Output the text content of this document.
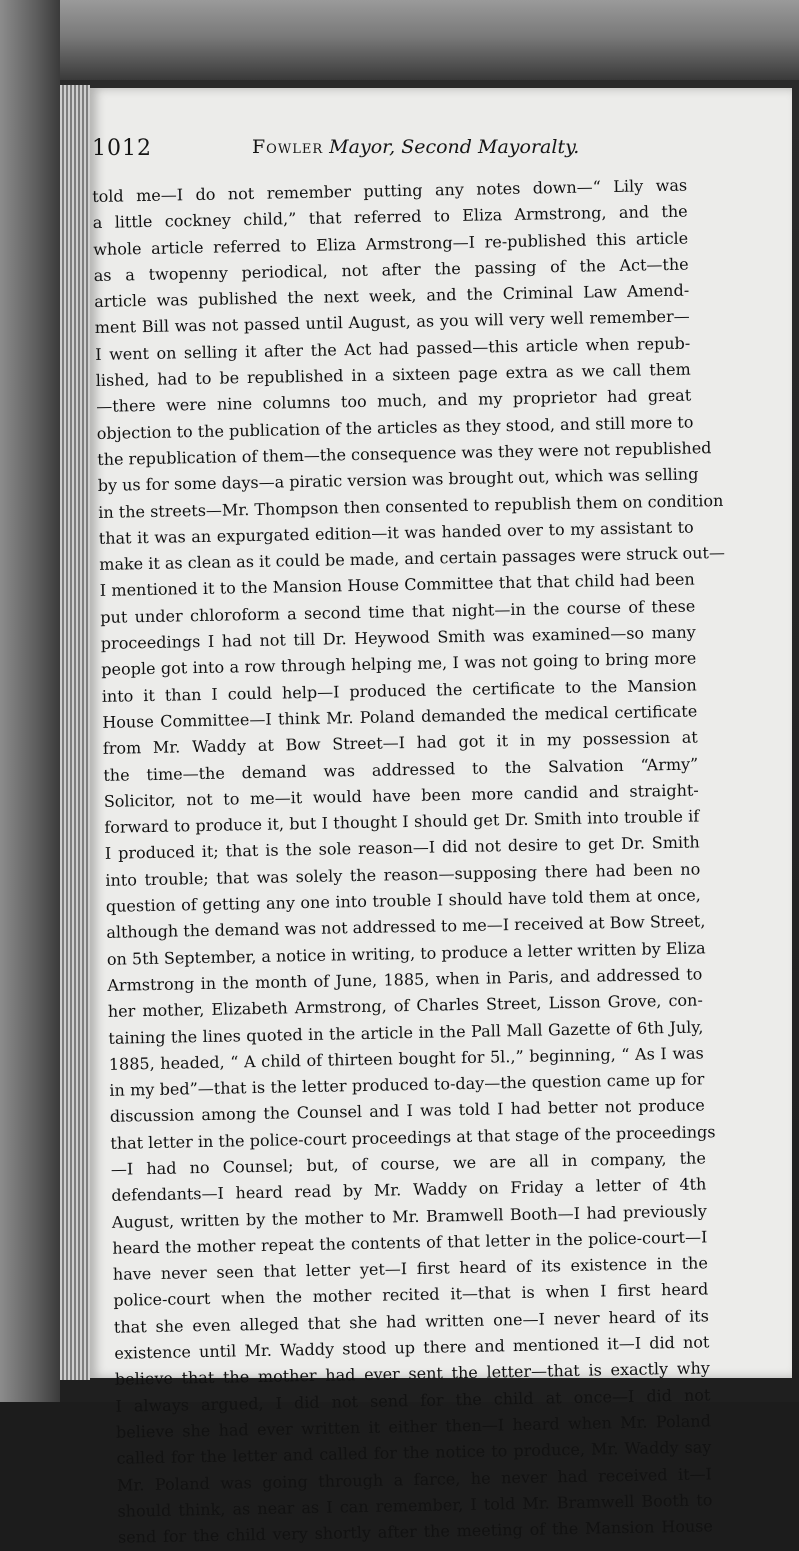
1012	Fowler Mayor, Second Mayoralty.
told me—I do not remember putting any notes down—“ Lily was
a little cockney child,” that referred to Eliza Armstrong, and the
whole article referred to Eliza Armstrong—I re-published this article
as a twopenny periodical, not after the passing of the Act—the
article was published the next week, and the Criminal Law Amend-
ment Bill was not passed until August, as you will very well remember—
I went on selling it after the Act had passed—this article when repub-
lished, had to be republished in a sixteen page extra as we call them
—there were nine columns too much, and my proprietor had great
objection to the publication of the articles as they stood, and still more to
the republication of them—the consequence was they were not republished
by us for some days—a piratic version was brought out, which was selling
in the streets—Mr. Thompson then consented to republish them on condition
that it was an expurgated edition—it was handed over to my assistant to
make it as clean as it could be made, and certain passages were struck out—
I mentioned it to the Mansion House Committee that that child had been
put under chloroform a second time that night—in the course of these
proceedings I had not till Dr. Heywood Smith was examined—so many
people got into a row through helping me, I was not going to bring more
into it than I could help—I produced the certificate to the Mansion
House Committee—I think Mr. Poland demanded the medical certificate
from Mr. Waddy at Bow Street—I had got it in my possession at
the time—the demand was addressed to the Salvation “Army”
Solicitor, not to me—it would have been more candid and straight-
forward to produce it, but I thought I should get Dr. Smith into trouble if
I produced it; that is the sole reason—I did not desire to get Dr. Smith
into trouble; that was solely the reason—supposing there had been no
question of getting any one into trouble I should have told them at once,
although the demand was not addressed to me—I received at Bow Street,
on 5th September, a notice in writing, to produce a letter written by Eliza
Armstrong in the month of June, 1885, when in Paris, and addressed to
her mother, Elizabeth Armstrong, of Charles Street, Lisson Grove, con-
taining the lines quoted in the article in the Pall Mall Gazette of 6th July,
1885, headed, “ A child of thirteen bought for 5l.,” beginning, “ As I was
in my bed”—that is the letter produced to-day—the question came up for
discussion among the Counsel and I was told I had better not produce
that letter in the police-court proceedings at that stage of the proceedings
—I had no Counsel; but, of course, we are all in company, the
defendants—I heard read by Mr. Waddy on Friday a letter of 4th
August, written by the mother to Mr. Bramwell Booth—I had previously
heard the mother repeat the contents of that letter in the police-court—I
have never seen that letter yet—I first heard of its existence in the
police-court when the mother recited it—that is when I first heard
that she even alleged that she had written one—I never heard of its
existence until Mr. Waddy stood up there and mentioned it—I did not
believe that the mother had ever sent the letter—that is exactly why
I always argued, I did not send for the child at once—I did not
believe she had ever written it either then—I heard when Mr. Poland
called for the letter and called for the notice to produce, Mr. Waddy say
Mr. Poland was going through a farce, he never had received it—I
should think, as near as I can remember, I told Mr. Bramwell Booth to
send for the child very shortly after the meeting of the Mansion House
